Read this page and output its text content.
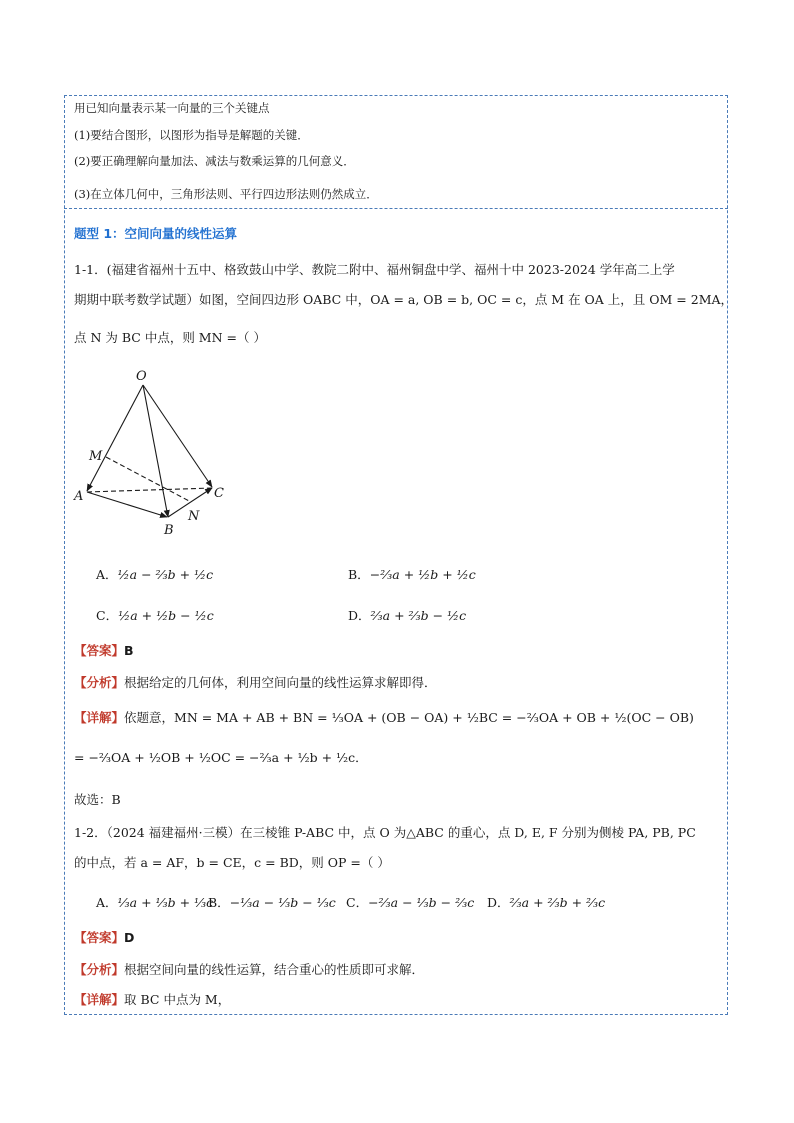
用已知向量表示某一向量的三个关键点
(1)要结合图形，以图形为指导是解题的关键．
(2)要正确理解向量加法、减法与数乘运算的几何意义．
(3)在立体几何中，三角形法则、平行四边形法则仍然成立．
题型 1：空间向量的线性运算
1-1．(福建省福州十五中、格致鼓山中学、教院二附中、福州铜盘中学、福州十中 2023-2024 学年高二上学
期期中联考数学试题）如图，空间四边形 OABC 中，OA = a, OB = b, OC = c，点 M 在 OA 上，且 OM = 2MA，
点 N 为 BC 中点，则 MN =（ ）
O
M
A
B
N
C
A．½a − ⅔b + ½c	B．−⅔a + ½b + ½c
C．½a + ½b − ½c	D．⅔a + ⅔b − ½c
【答案】B
【分析】根据给定的几何体，利用空间向量的线性运算求解即得．
【详解】依题意，MN = MA + AB + BN = ⅓OA + (OB − OA) + ½BC = −⅔OA + OB + ½(OC − OB)
= −⅔OA + ½OB + ½OC = −⅔a + ½b + ½c．
故选：B
1-2．（2024 福建福州·三模）在三棱锥 P-ABC 中，点 O 为△ABC 的重心，点 D, E, F 分别为侧棱 PA, PB, PC
的中点，若 a = AF，b = CE，c = BD，则 OP =（ ）
A．⅓a + ⅓b + ⅓c
B．−⅓a − ⅓b − ⅓c C．−⅔a − ⅓b − ⅔c D．⅔a + ⅔b + ⅔c
【答案】D
【分析】根据空间向量的线性运算，结合重心的性质即可求解．
【详解】取 BC 中点为 M，
